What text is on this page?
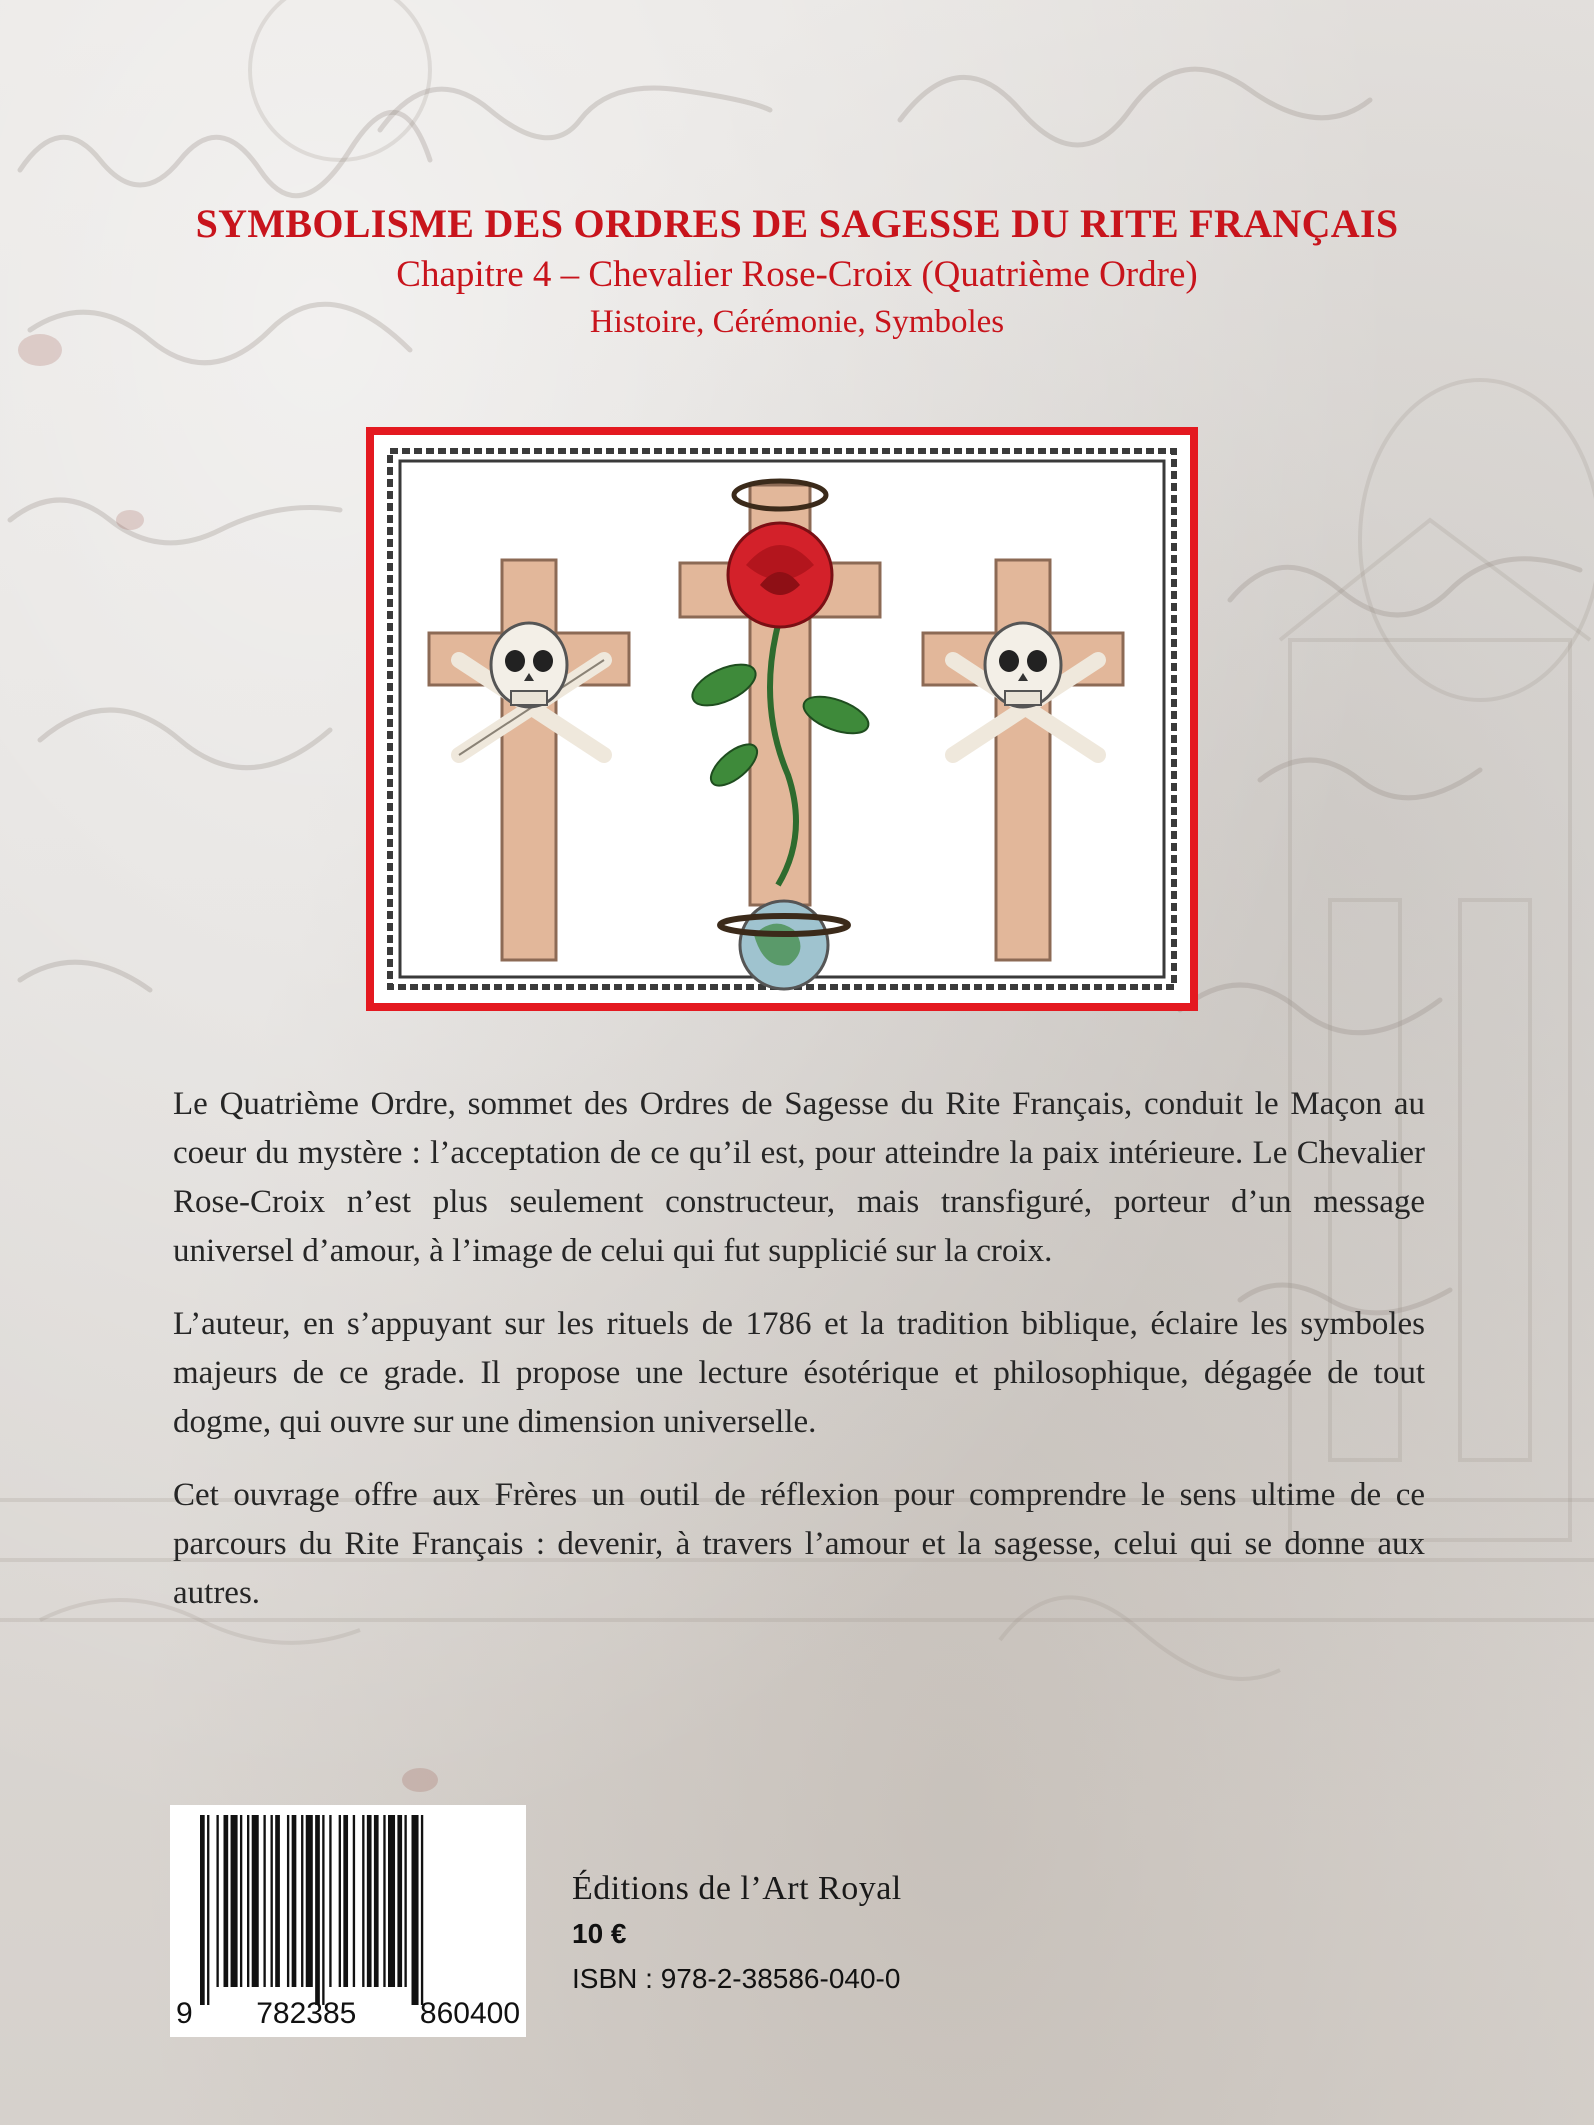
SYMBOLISME DES ORDRES DE SAGESSE DU RITE FRANÇAIS
Chapitre 4 – Chevalier Rose-Croix (Quatrième Ordre)
Histoire, Cérémonie, Symboles

Le Quatrième Ordre, sommet des Ordres de Sagesse du Rite Français, conduit le Maçon au coeur du mystère : l’acceptation de ce qu’il est, pour atteindre la paix intérieure. Le Chevalier Rose-Croix n’est plus seulement constructeur, mais transfiguré, porteur d’un message universel d’amour, à l’image de celui qui fut supplicié sur la croix.

L’auteur, en s’appuyant sur les rituels de 1786 et la tradition biblique, éclaire les symboles majeurs de ce grade. Il propose une lecture ésotérique et philosophique, dégagée de tout dogme, qui ouvre sur une dimension universelle.

Cet ouvrage offre aux Frères un outil de réflexion pour comprendre le sens ultime de ce parcours du Rite Français : devenir, à travers l’amour et la sagesse, celui qui se donne aux autres.

9 782385 860400
Éditions de l’Art Royal
10 €
ISBN : 978-2-38586-040-0
